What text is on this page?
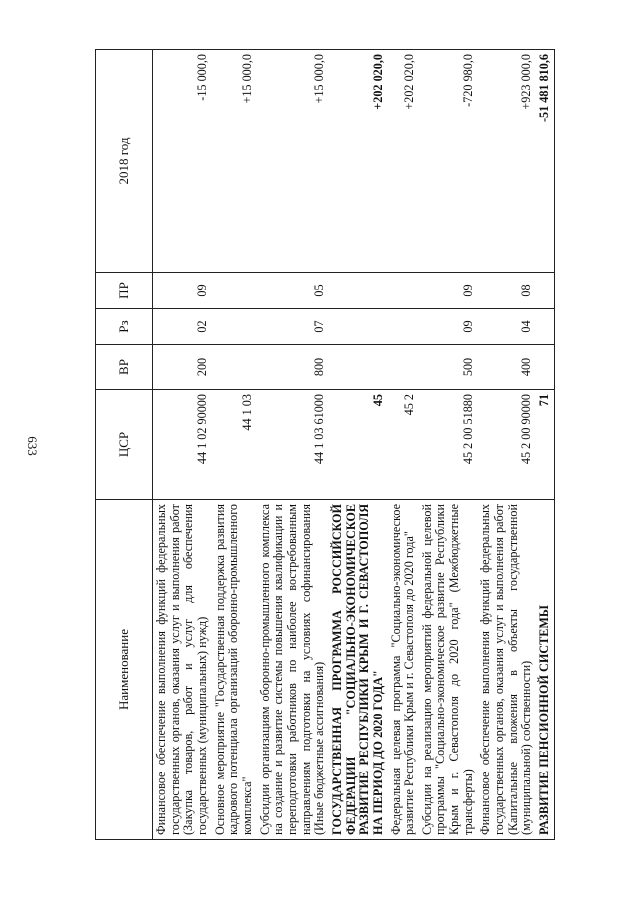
633
Наименование	ЦСР	ВР	Рз	ПР	2018 год
Финансовое обеспечение выполнения функций федеральных государственных органов, оказания услуг и выполнения работ (Закупка товаров, работ и услуг для обеспечения государственных (муниципальных) нужд)	44 1 02 90000	200	02	09	-15 000,0
Основное мероприятие "Государственная поддержка развития кадрового потенциала организаций оборонно-промышленного комплекса"	44 1 03				+15 000,0
Субсидии организациям оборонно-промышленного комплекса на создание и развитие системы повышения квалификации и переподготовки работников по наиболее востребованным направлениям подготовки на условиях софинансирования (Иные бюджетные ассигнования)	44 1 03 61000	800	07	05	+15 000,0
ГОСУДАРСТВЕННАЯ ПРОГРАММА РОССИЙСКОЙ ФЕДЕРАЦИИ "СОЦИАЛЬНО-ЭКОНОМИЧЕСКОЕ РАЗВИТИЕ РЕСПУБЛИКИ КРЫМ И Г. СЕВАСТОПОЛЯ НА ПЕРИОД ДО 2020 ГОДА"	45				+202 020,0
Федеральная целевая программа "Социально-экономическое развитие Республики Крым и г. Севастополя до 2020 года"	45 2				+202 020,0
Субсидии на реализацию мероприятий федеральной целевой программы "Социально-экономическое развитие Республики Крым и г. Севастополя до 2020 года" (Межбюджетные трансферты)	45 2 00 51880	500	09	09	-720 980,0
Финансовое обеспечение выполнения функций федеральных государственных органов, оказания услуг и выполнения работ (Капитальные вложения в объекты государственной (муниципальной) собственности)	45 2 00 90000	400	04	08	+923 000,0
РАЗВИТИЕ ПЕНСИОННОЙ СИСТЕМЫ	71				-51 481 810,6
